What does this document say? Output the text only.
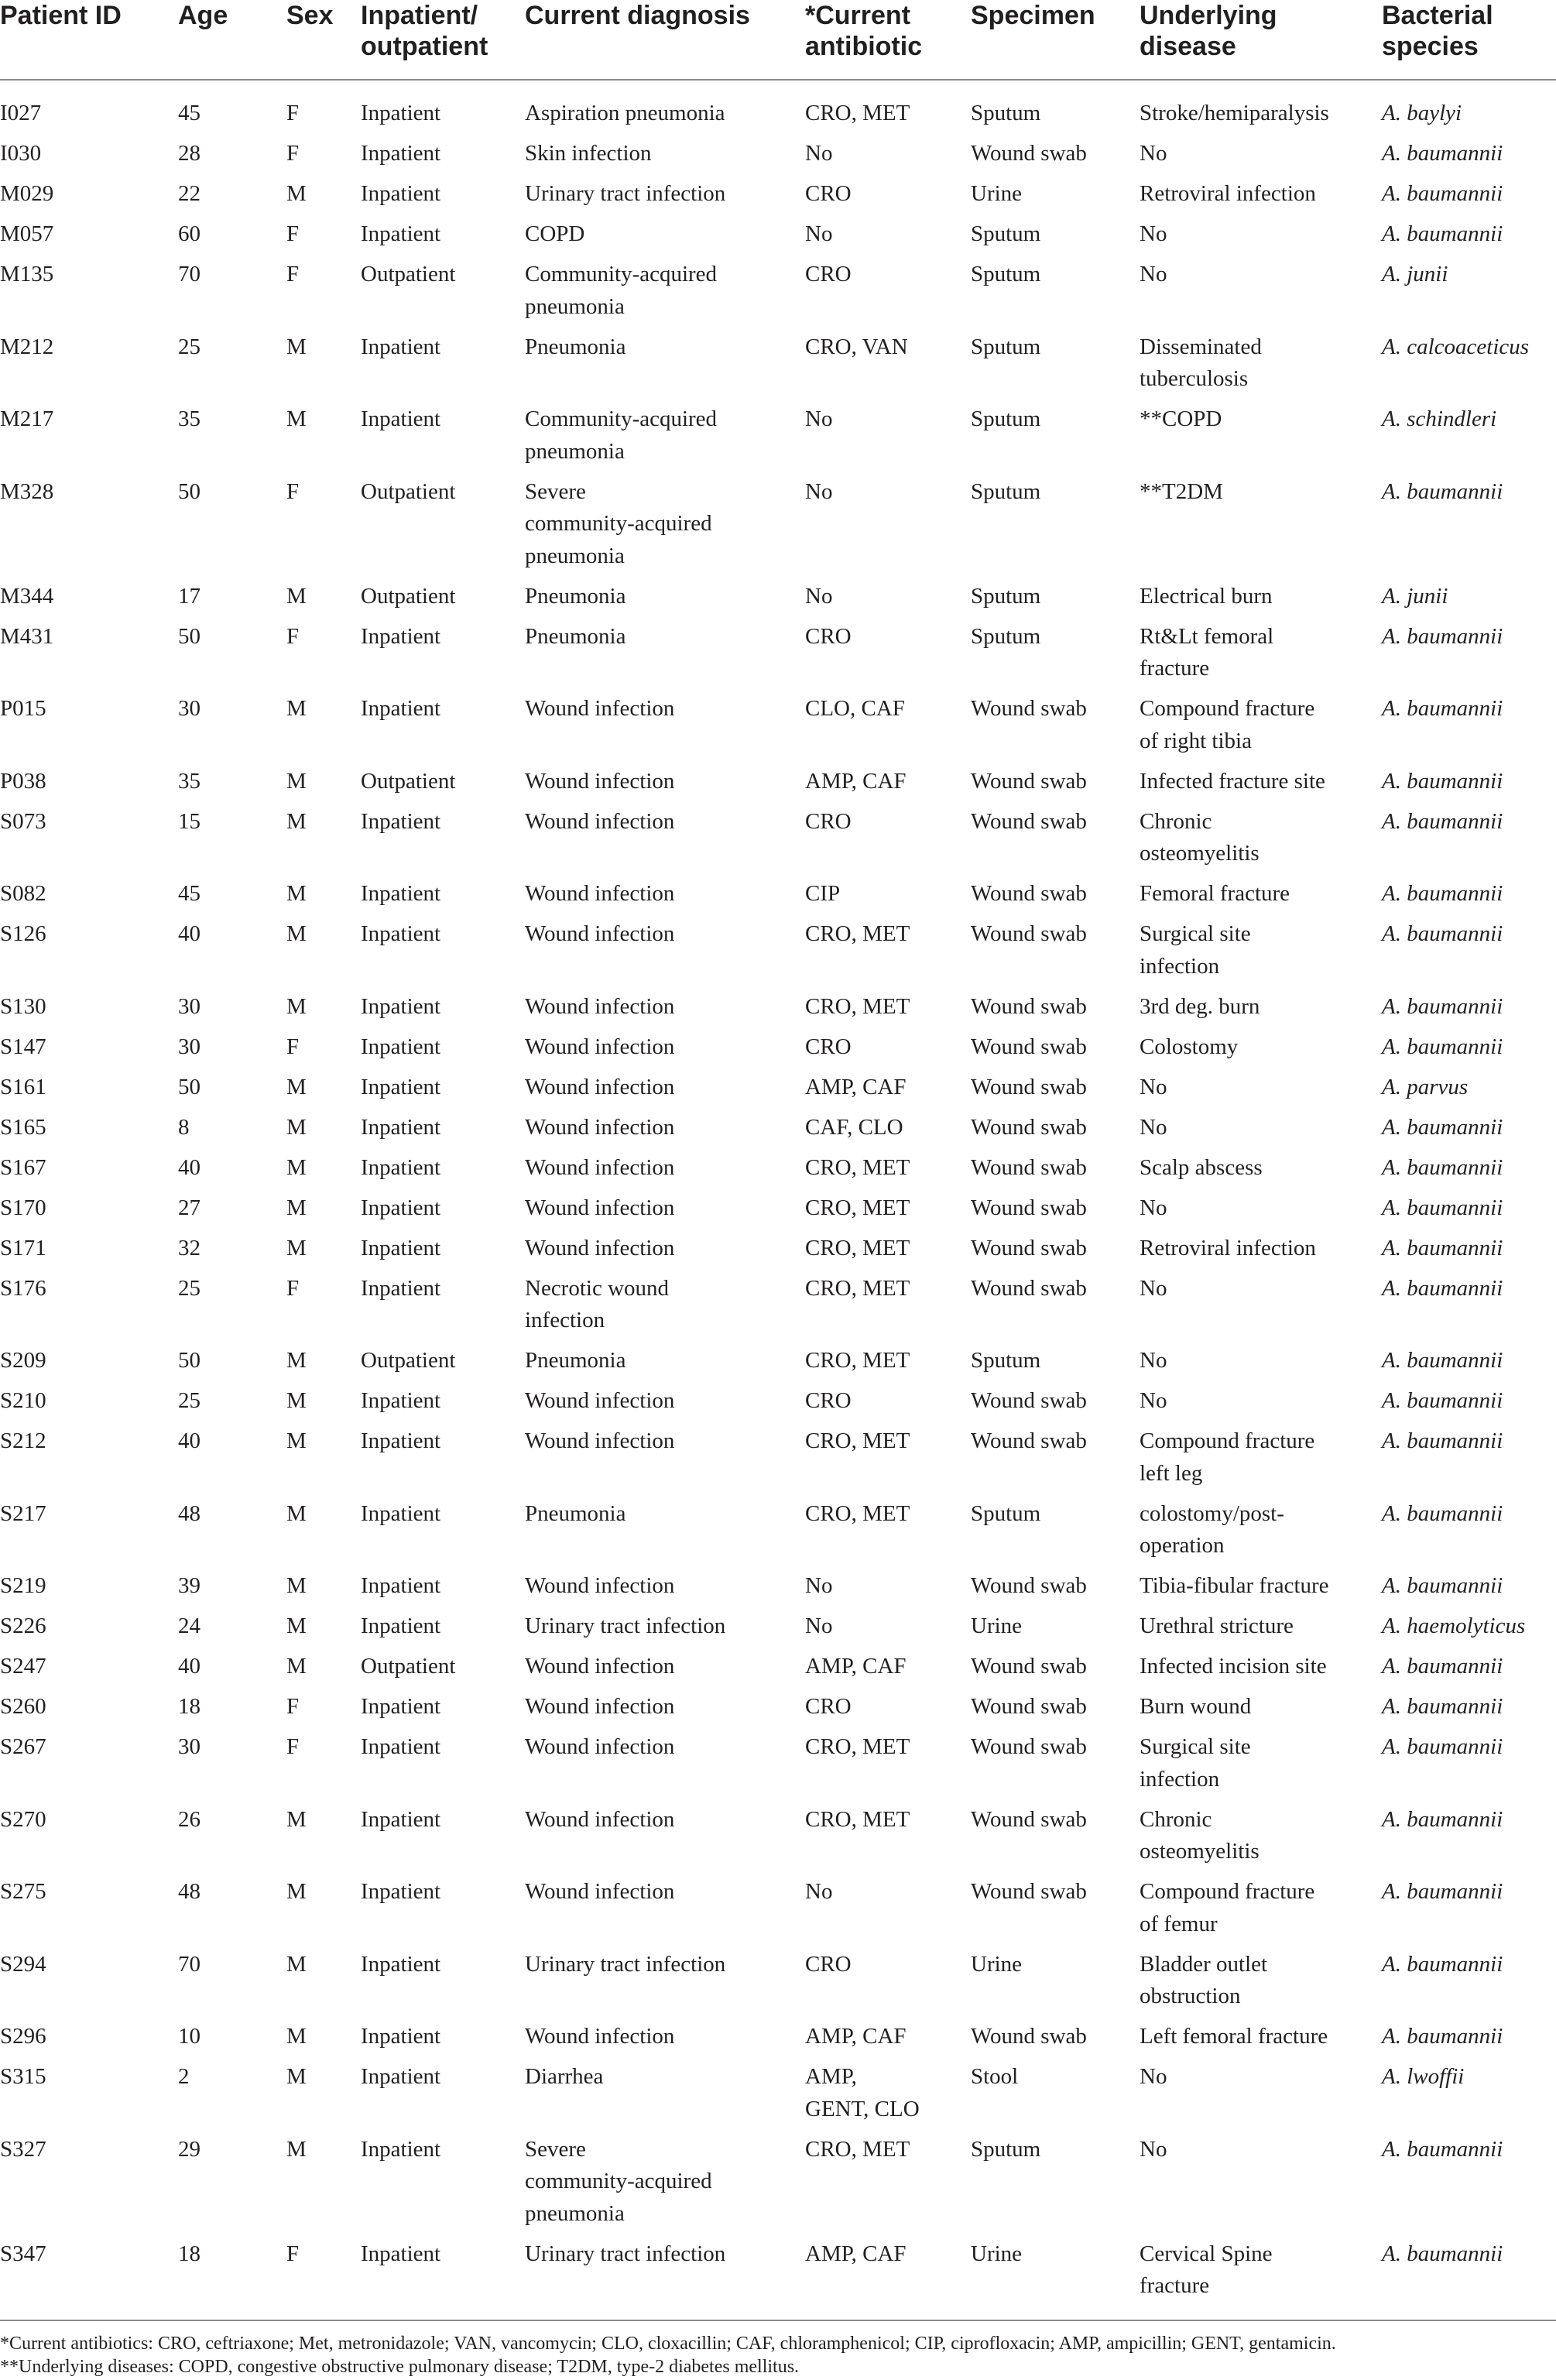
Patient ID	Age	Sex	Inpatient/
outpatient	Current diagnosis	*Current
antibiotic	Specimen	Underlying
disease	Bacterial
species

I027	45	F	Inpatient	Aspiration pneumonia	CRO, MET	Sputum	Stroke/hemiparalysis	A. baylyi
I030	28	F	Inpatient	Skin infection	No	Wound swab	No	A. baumannii
M029	22	M	Inpatient	Urinary tract infection	CRO	Urine	Retroviral infection	A. baumannii
M057	60	F	Inpatient	COPD	No	Sputum	No	A. baumannii
M135	70	F	Outpatient	Community-acquired
pneumonia	CRO	Sputum	No	A. junii
M212	25	M	Inpatient	Pneumonia	CRO, VAN	Sputum	Disseminated
tuberculosis	A. calcoaceticus
M217	35	M	Inpatient	Community-acquired
pneumonia	No	Sputum	**COPD	A. schindleri
M328	50	F	Outpatient	Severe
community-acquired
pneumonia	No	Sputum	**T2DM	A. baumannii
M344	17	M	Outpatient	Pneumonia	No	Sputum	Electrical burn	A. junii
M431	50	F	Inpatient	Pneumonia	CRO	Sputum	Rt&Lt femoral
fracture	A. baumannii
P015	30	M	Inpatient	Wound infection	CLO, CAF	Wound swab	Compound fracture
of right tibia	A. baumannii
P038	35	M	Outpatient	Wound infection	AMP, CAF	Wound swab	Infected fracture site	A. baumannii
S073	15	M	Inpatient	Wound infection	CRO	Wound swab	Chronic
osteomyelitis	A. baumannii
S082	45	M	Inpatient	Wound infection	CIP	Wound swab	Femoral fracture	A. baumannii
S126	40	M	Inpatient	Wound infection	CRO, MET	Wound swab	Surgical site
infection	A. baumannii
S130	30	M	Inpatient	Wound infection	CRO, MET	Wound swab	3rd deg. burn	A. baumannii
S147	30	F	Inpatient	Wound infection	CRO	Wound swab	Colostomy	A. baumannii
S161	50	M	Inpatient	Wound infection	AMP, CAF	Wound swab	No	A. parvus
S165	8	M	Inpatient	Wound infection	CAF, CLO	Wound swab	No	A. baumannii
S167	40	M	Inpatient	Wound infection	CRO, MET	Wound swab	Scalp abscess	A. baumannii
S170	27	M	Inpatient	Wound infection	CRO, MET	Wound swab	No	A. baumannii
S171	32	M	Inpatient	Wound infection	CRO, MET	Wound swab	Retroviral infection	A. baumannii
S176	25	F	Inpatient	Necrotic wound
infection	CRO, MET	Wound swab	No	A. baumannii
S209	50	M	Outpatient	Pneumonia	CRO, MET	Sputum	No	A. baumannii
S210	25	M	Inpatient	Wound infection	CRO	Wound swab	No	A. baumannii
S212	40	M	Inpatient	Wound infection	CRO, MET	Wound swab	Compound fracture
left leg	A. baumannii
S217	48	M	Inpatient	Pneumonia	CRO, MET	Sputum	colostomy/post-
operation	A. baumannii
S219	39	M	Inpatient	Wound infection	No	Wound swab	Tibia-fibular fracture	A. baumannii
S226	24	M	Inpatient	Urinary tract infection	No	Urine	Urethral stricture	A. haemolyticus
S247	40	M	Outpatient	Wound infection	AMP, CAF	Wound swab	Infected incision site	A. baumannii
S260	18	F	Inpatient	Wound infection	CRO	Wound swab	Burn wound	A. baumannii
S267	30	F	Inpatient	Wound infection	CRO, MET	Wound swab	Surgical site
infection	A. baumannii
S270	26	M	Inpatient	Wound infection	CRO, MET	Wound swab	Chronic
osteomyelitis	A. baumannii
S275	48	M	Inpatient	Wound infection	No	Wound swab	Compound fracture
of femur	A. baumannii
S294	70	M	Inpatient	Urinary tract infection	CRO	Urine	Bladder outlet
obstruction	A. baumannii
S296	10	M	Inpatient	Wound infection	AMP, CAF	Wound swab	Left femoral fracture	A. baumannii
S315	2	M	Inpatient	Diarrhea	AMP,
GENT, CLO	Stool	No	A. lwoffii
S327	29	M	Inpatient	Severe
community-acquired
pneumonia	CRO, MET	Sputum	No	A. baumannii
S347	18	F	Inpatient	Urinary tract infection	AMP, CAF	Urine	Cervical Spine
fracture	A. baumannii
*Current antibiotics: CRO, ceftriaxone; Met, metronidazole; VAN, vancomycin; CLO, cloxacillin; CAF, chloramphenicol; CIP, ciprofloxacin; AMP, ampicillin; GENT, gentamicin.
**Underlying diseases: COPD, congestive obstructive pulmonary disease; T2DM, type-2 diabetes mellitus.
